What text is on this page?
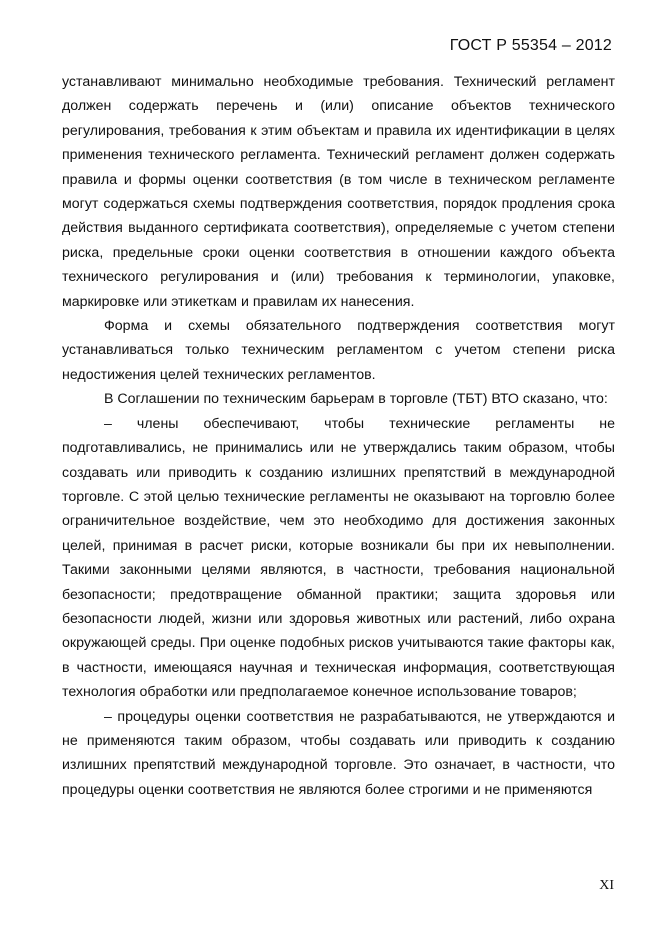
ГОСТ Р 55354 – 2012

устанавливают минимально необходимые требования. Технический регламент должен содержать перечень и (или) описание объектов технического регулирования, требования к этим объектам и правила их идентификации в целях применения технического регламента. Технический регламент должен содержать правила и формы оценки соответствия (в том числе в техническом регламенте могут содержаться схемы подтверждения соответствия, порядок продления срока действия выданного сертификата соответствия), определяемые с учетом степени риска, предельные сроки оценки соответствия в отношении каждого объекта технического регулирования и (или) требования к терминологии, упаковке, маркировке или этикеткам и правилам их нанесения.

Форма и схемы обязательного подтверждения соответствия могут устанавливаться только техническим регламентом с учетом степени риска недостижения целей технических регламентов.

В Соглашении по техническим барьерам в торговле (ТБТ) ВТО сказано, что:

– члены обеспечивают, чтобы технические регламенты не подготавливались, не принимались или не утверждались таким образом, чтобы создавать или приводить к созданию излишних препятствий в международной торговле. С этой целью технические регламенты не оказывают на торговлю более ограничительное воздействие, чем это необходимо для достижения законных целей, принимая в расчет риски, которые возникали бы при их невыполнении. Такими законными целями являются, в частности, требования национальной безопасности; предотвращение обманной практики; защита здоровья или безопасности людей, жизни или здоровья животных или растений, либо охрана окружающей среды. При оценке подобных рисков учитываются такие факторы как, в частности, имеющаяся научная и техническая информация, соответствующая технология обработки или предполагаемое конечное использование товаров;

– процедуры оценки соответствия не разрабатываются, не утверждаются и не применяются таким образом, чтобы создавать или приводить к созданию излишних препятствий международной торговле. Это означает, в частности, что процедуры оценки соответствия не являются более строгими и не применяются

XI
